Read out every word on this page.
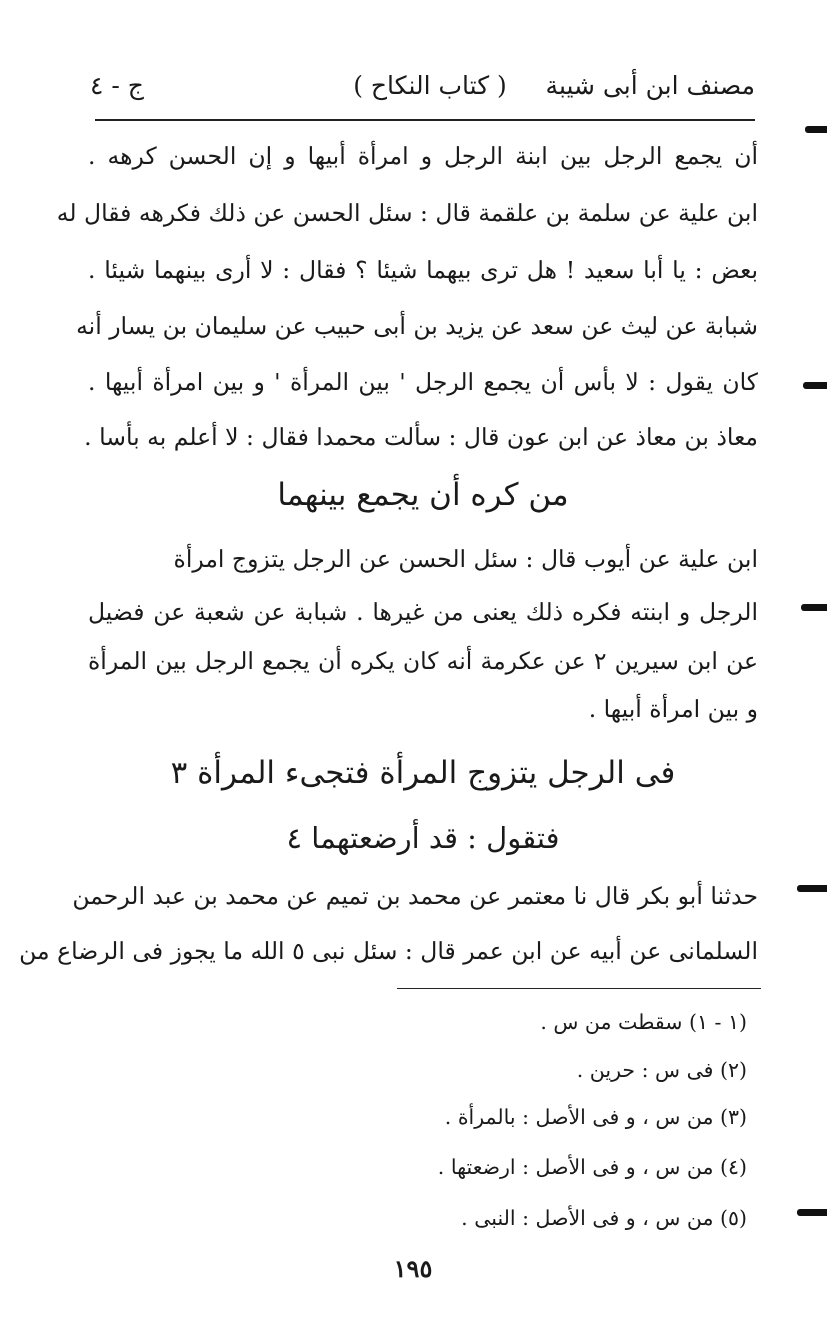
ج - ٤	( كتاب النكاح )	مصنف ابن أبى شيبة
أن يجمع الرجل بين ابنة الرجل و امرأة أبيها و إن الحسن كرهه .
ابن علية عن سلمة بن علقمة قال : سئل الحسن عن ذلك فكرهه فقال له
بعض : يا أبا سعيد ! هل ترى بيهما شيئا ؟ فقال : لا أرى بينهما شيئا .
شبابة عن ليث عن سعد عن يزيد بن أبى حبيب عن سليمان بن يسار أنه
كان يقول : لا بأس أن يجمع الرجل ' بين المرأة ' و بين امرأة أبيها .
معاذ بن معاذ عن ابن عون قال : سألت محمدا فقال : لا أعلم به بأسا .
من كره أن يجمع بينهما
ابن علية عن أيوب قال : سئل الحسن عن الرجل يتزوج امرأة
الرجل و ابنته فكره ذلك يعنى من غيرها . شبابة عن شعبة عن فضيل
عن ابن سيرين ٢ عن عكرمة أنه كان يكره أن يجمع الرجل بين المرأة
و بين امرأة أبيها .
فى الرجل يتزوج المرأة فتجىء المرأة ٣
فتقول : قد أرضعتهما ٤
حدثنا أبو بكر قال نا معتمر عن محمد بن تميم عن محمد بن عبد الرحمن
السلمانى عن أبيه عن ابن عمر قال : سئل نبى ٥ الله ما يجوز فى الرضاع من
(١ - ١) سقطت من س .
(٢) فى س : حرين .
(٣) من س ، و فى الأصل : بالمرأة .
(٤) من س ، و فى الأصل : ارضعتها .
(٥) من س ، و فى الأصل : النبى .
١٩٥
